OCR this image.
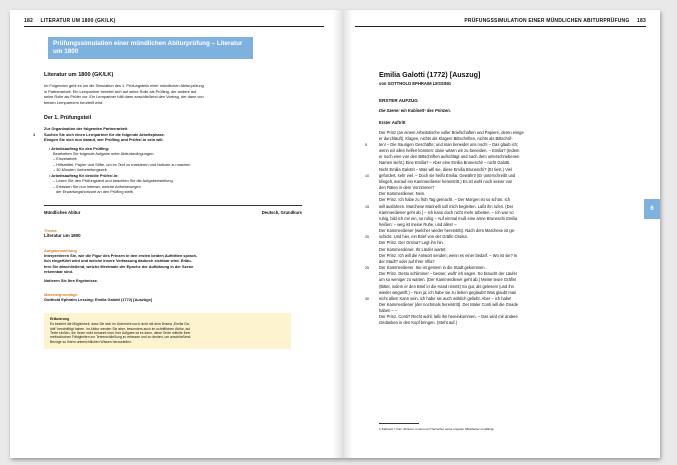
182 LITERATUR UM 1800 (GK/LK)
Prüfungssimulation einer mündlichen Abiturprüfung – Literatur um 1800
Literatur um 1800 (GK/LK)
Im Folgenden geht es um die Simulation des 1. Prüfungsteils einer mündlichen Abiturprüfung
in Partnerarbeit. Ein Lernpartner bereitet sich auf seine Rolle als Prüfling, der andere auf
seine Rolle als Prüfer vor. Ein Lernpartner hält dann anschließend den Vortrag, der dann von
beiden Lernpartnern beurteilt wird.
Der 1. Prüfungsteil
Zur Organisation der folgenden Partnerarbeit
1 Suchen Sie sich einen Lernpartner für die folgende Arbeitsphase.
Einigen Sie sich nun darauf, wer Prüfling und Prüfer/-in sein will.
• Arbeitsauftrag für den Prüfling:
Bearbeiten Sie folgende Aufgabe unter Abiturbedingungen.
– Einzelarbeit
– Hilfsmittel: Papier und Stifte, um im Text zu markieren und Notizen zu machen
– 30 Minuten Vorbereitungszeit
• Arbeitsauftrag für den/die Prüfer/-in:
– Lesen Sie den Prüfungstext und beachten Sie die Aufgabenstellung.
– Erfassen Sie nun intensiv, welche Anforderungen
der Erwartungshorizont an den Prüfling stellt.
Mündliches Abitur	Deutsch, Grundkurs
Thema
Literatur um 1800
Aufgabenstellung
Interpretieren Sie, wie die Figur des Prinzen in den ersten beiden Auftritten sprach-
lich eingeführt wird und welche innere Verfassung dadurch sichtbar wird. Erläu-
tern Sie abschließend, welche Merkmale der Epoche der Aufklärung in der Szene
erkennbar sind.
Notieren Sie Ihre Ergebnisse.
Materialgrundlage
Gotthold Ephraim Lessing: Emilia Galotti (1772) [Auszüge]
Erläuterung
Es besteht die Möglichkeit, dass Sie sich im Unterricht noch nicht mit dem Drama „Emilia Ga-
lotti“ beschäftigt haben. Im Abitur werden Sie aber, besonders auch im schriftlichen Abitur, auf
Texte stoßen, die Ihnen nicht bekannt sind. Ihre Aufgabe ist es dann, diese Texte mithilfe Ihrer
methodischen Fähigkeiten zur Texterschließung zu erfassen und zu deuten, um anschließend
Bezüge zu Ihrem unterrichtlichen Wissen herzustellen.
PRÜFUNGSSIMULATION EINER MÜNDLICHEN ABITURPRÜFUNG 183
Emilia Galotti (1772) [Auszug]
von GOTTHOLD EPHRAIM LESSING
ERSTER AUFZUG
Die Szene: ein Kabinett¹ des Prinzen.
Erster Auftritt
Der Prinz (an einem Arbeitstische voller Briefschaften und Papiere, deren einige
er durchläuft). Klagen, nichts als Klagen! Bittschriften, nichts als Bittschrif-
5	ten! – Die traurigen Geschäfte; und man beneidet uns noch! – Das glaub ich;
wenn wir allen helfen könnten: dann wären wir zu beneiden. – Emilia? (Indem
er noch eine von den Bittschriften aufschlägt und nach dem unterschriebenen
Namen sieht.) Eine Emilia? – Aber eine Emilia Bruneschi! – nicht Galotti.
Nicht Emilia Galotti! – Was will sie, diese Emilia Bruneschi? (Er liest.) Viel
10 gefordert, sehr viel. – Doch sie heißt Emilia. Gewährt! (Er unterschreibt und
klingelt, worauf ein Kammerdiener hereintritt.) Es ist wohl noch keiner von
den Räten in dem Vorzimmer?
Der Kammerdiener. Nein.
Der Prinz. Ich habe zu früh Tag gemacht. – Der Morgen ist so schön. Ich
15 will ausfahren. Marchese Marinelli soll mich begleiten. Laßt ihn rufen. (Der
Kammerdiener geht ab.) – Ich kann doch nicht mehr arbeiten. – Ich war so
ruhig, bild ich mir ein, so ruhig – Auf einmal muß eine arme Bruneschi Emilia
heißen: – weg ist meine Ruhe, und alles! –
Der Kammerdiener (welcher wieder hereintritt). Nach dem Marchese ist ge-
20 schickt. Und hier, ein Brief von der Gräfin Orsina.
Der Prinz. Der Orsina? Legt ihn hin.
Der Kammerdiener. Ihr Läufer wartet.
Der Prinz. Ich will die Antwort senden; wenn es einer bedarf. – Wo ist sie? In
der Stadt? oder auf Ihrer Villa?
25 Der Kammerdiener. Sie ist gestern in die Stadt gekommen.
Der Prinz. Desto schlimmer – besser, wollt' ich sagen. So braucht der Läufer
um so weniger zu warten. (Der Kammerdiener geht ab.) Meine teure Gräfin!
(Bitter, indem er den Brief in die Hand nimmt) So gut, als gelesen! (und ihn
wieder wegwirft.) – Nun ja; ich habe sie zu lieben geglaubt! Was glaubt man
30 nicht alles! Kann sein, ich habe sie auch wirklich geliebt. Aber – ich habe!
Der Kammerdiener (der nochmals hereintritt). Der Maler Conti will die Gnade
haben – –
Der Prinz. Conti? Recht wohl; laßt ihn hereinkommen. – Das wird mir andere
Gedanken in den Kopf bringen. (Steht auf.)
1 Kabinett = hier: Zimmer, in dem ein Herrscher seine engsten Mitarbeiter empfängt
6
